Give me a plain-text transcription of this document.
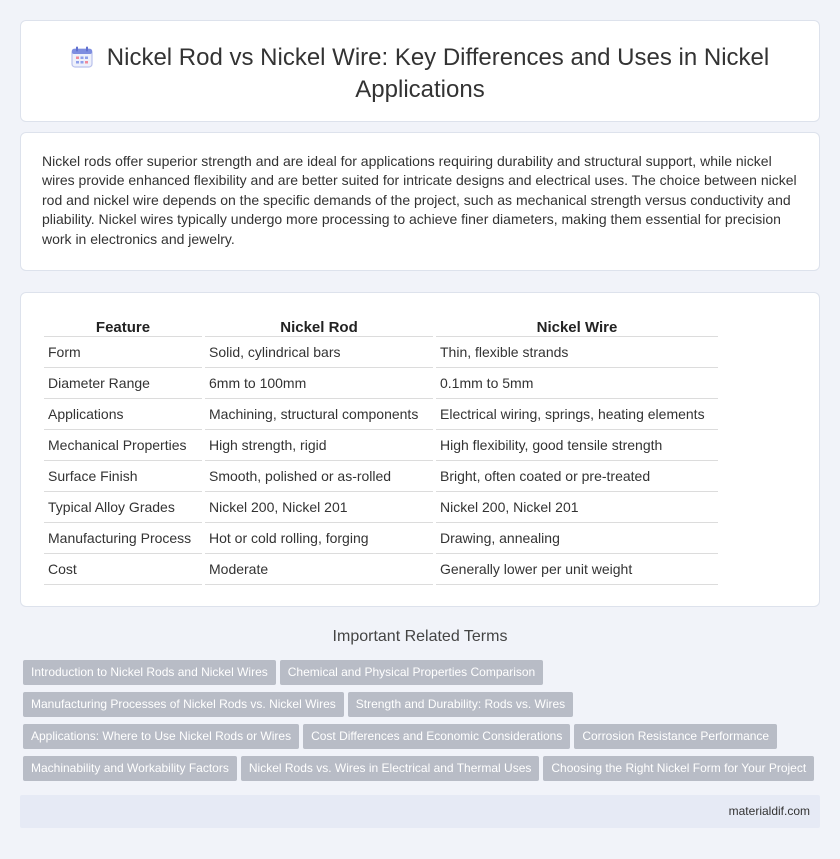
Nickel Rod vs Nickel Wire: Key Differences and Uses in Nickel Applications

Nickel rods offer superior strength and are ideal for applications requiring durability and structural support, while nickel wires provide enhanced flexibility and are better suited for intricate designs and electrical uses. The choice between nickel rod and nickel wire depends on the specific demands of the project, such as mechanical strength versus conductivity and pliability. Nickel wires typically undergo more processing to achieve finer diameters, making them essential for precision work in electronics and jewelry.

Feature	Nickel Rod	Nickel Wire
Form	Solid, cylindrical bars	Thin, flexible strands
Diameter Range	6mm to 100mm	0.1mm to 5mm
Applications	Machining, structural components	Electrical wiring, springs, heating elements
Mechanical Properties	High strength, rigid	High flexibility, good tensile strength
Surface Finish	Smooth, polished or as-rolled	Bright, often coated or pre-treated
Typical Alloy Grades	Nickel 200, Nickel 201	Nickel 200, Nickel 201
Manufacturing Process	Hot or cold rolling, forging	Drawing, annealing
Cost	Moderate	Generally lower per unit weight
Important Related Terms
Introduction to Nickel Rods and Nickel Wires Chemical and Physical Properties Comparison
Manufacturing Processes of Nickel Rods vs. Nickel Wires Strength and Durability: Rods vs. Wires
Applications: Where to Use Nickel Rods or Wires Cost Differences and Economic Considerations Corrosion Resistance Performance
Machinability and Workability Factors Nickel Rods vs. Wires in Electrical and Thermal Uses Choosing the Right Nickel Form for Your Project
materialdif.com
